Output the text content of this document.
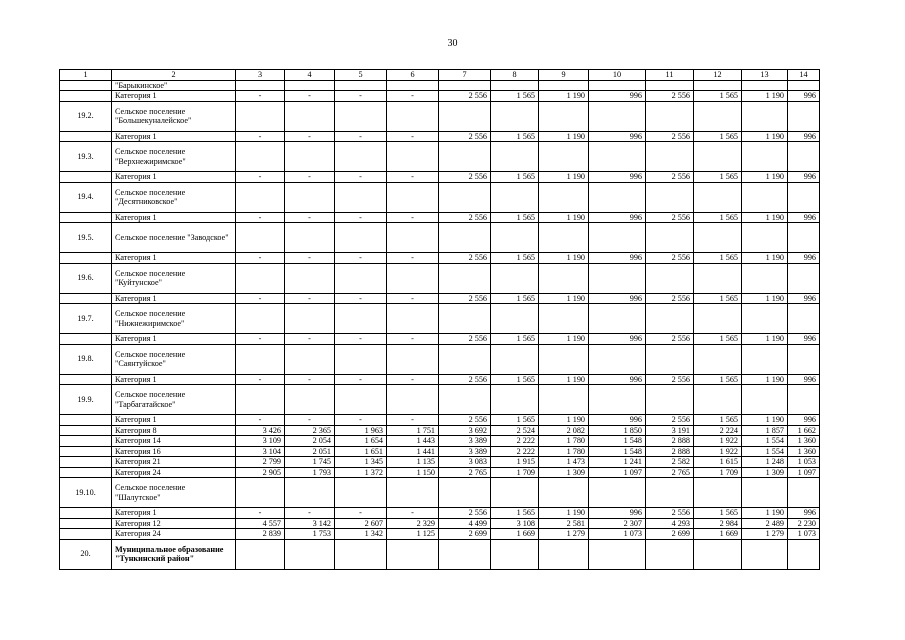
30
1	2	3	4	5	6	7	8	9	10	11	12	13	14
	"Барыкинское"												
	Категория 1	-	-	-	-	2 556	1 565	1 190	996	2 556	1 565	1 190	996
19.2.	Сельское поселение "Большекуналейское"												
	Категория 1	-	-	-	-	2 556	1 565	1 190	996	2 556	1 565	1 190	996
19.3.	Сельское поселение "Верхнежиримское"												
	Категория 1	-	-	-	-	2 556	1 565	1 190	996	2 556	1 565	1 190	996
19.4.	Сельское поселение "Десятниковское"												
	Категория 1	-	-	-	-	2 556	1 565	1 190	996	2 556	1 565	1 190	996
19.5.	Сельское поселение "Заводское"												
	Категория 1	-	-	-	-	2 556	1 565	1 190	996	2 556	1 565	1 190	996
19.6.	Сельское поселение "Куйтунское"												
	Категория 1	-	-	-	-	2 556	1 565	1 190	996	2 556	1 565	1 190	996
19.7.	Сельское поселение "Нижнежиримское"												
	Категория 1	-	-	-	-	2 556	1 565	1 190	996	2 556	1 565	1 190	996
19.8.	Сельское поселение "Саянтуйское"												
	Категория 1	-	-	-	-	2 556	1 565	1 190	996	2 556	1 565	1 190	996
19.9.	Сельское поселение "Тарбагатайское"												
	Категория 1	-	-	-	-	2 556	1 565	1 190	996	2 556	1 565	1 190	996
	Категория 8	3 426	2 365	1 963	1 751	3 692	2 524	2 082	1 850	3 191	2 224	1 857	1 662
	Категория 14	3 109	2 054	1 654	1 443	3 389	2 222	1 780	1 548	2 888	1 922	1 554	1 360
	Категория 16	3 104	2 051	1 651	1 441	3 389	2 222	1 780	1 548	2 888	1 922	1 554	1 360
	Категория 21	2 799	1 745	1 345	1 135	3 083	1 915	1 473	1 241	2 582	1 615	1 248	1 053
	Категория 24	2 905	1 793	1 372	1 150	2 765	1 709	1 309	1 097	2 765	1 709	1 309	1 097
19.10.	Сельское поселение "Шалутское"												
	Категория 1	-	-	-	-	2 556	1 565	1 190	996	2 556	1 565	1 190	996
	Категория 12	4 557	3 142	2 607	2 329	4 499	3 108	2 581	2 307	4 293	2 984	2 489	2 230
	Категория 24	2 839	1 753	1 342	1 125	2 699	1 669	1 279	1 073	2 699	1 669	1 279	1 073
20.	Муниципальное образование "Тункинский район"												
